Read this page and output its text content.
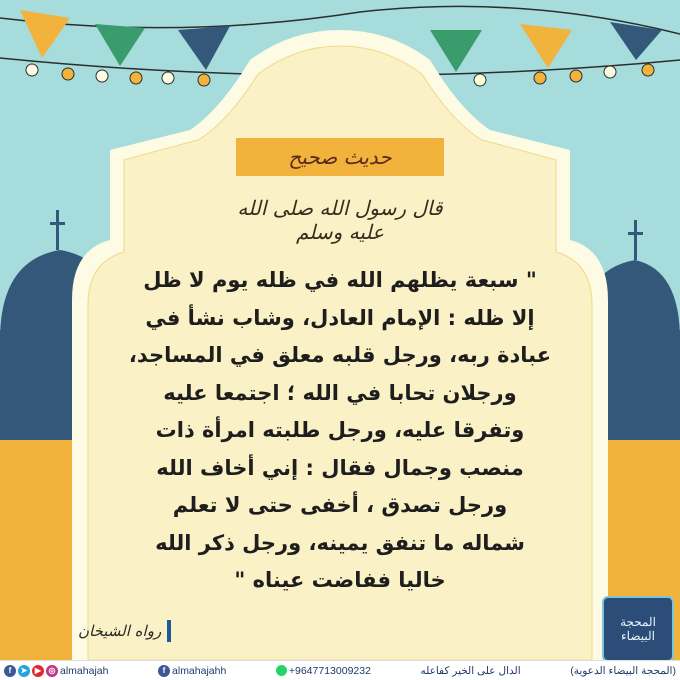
حديث صحيح
قال رسول الله صلى الله عليه وسلم
" سبعة يظلهم الله في ظله يوم لا ظل
إلا ظله : الإمام العادل، وشاب نشأ في
عبادة ربه، ورجل قلبه معلق في المساجد،
ورجلان تحابا في الله ؛ اجتمعا عليه
وتفرقا عليه، ورجل طلبته امرأة ذات
منصب وجمال فقال : إني أخاف الله
ورجل تصدق ، أخفى حتى لا تعلم
شماله ما تنفق يمينه، ورجل ذكر الله
خاليا ففاضت عيناه "
رواه الشيخان	المحجة
البيضاء
f	➤ ▶ ◎ almahajah	f almahajahh	+9647713009232	الدال على الخير كفاعله	(المحجة البيضاء الدعوية)
